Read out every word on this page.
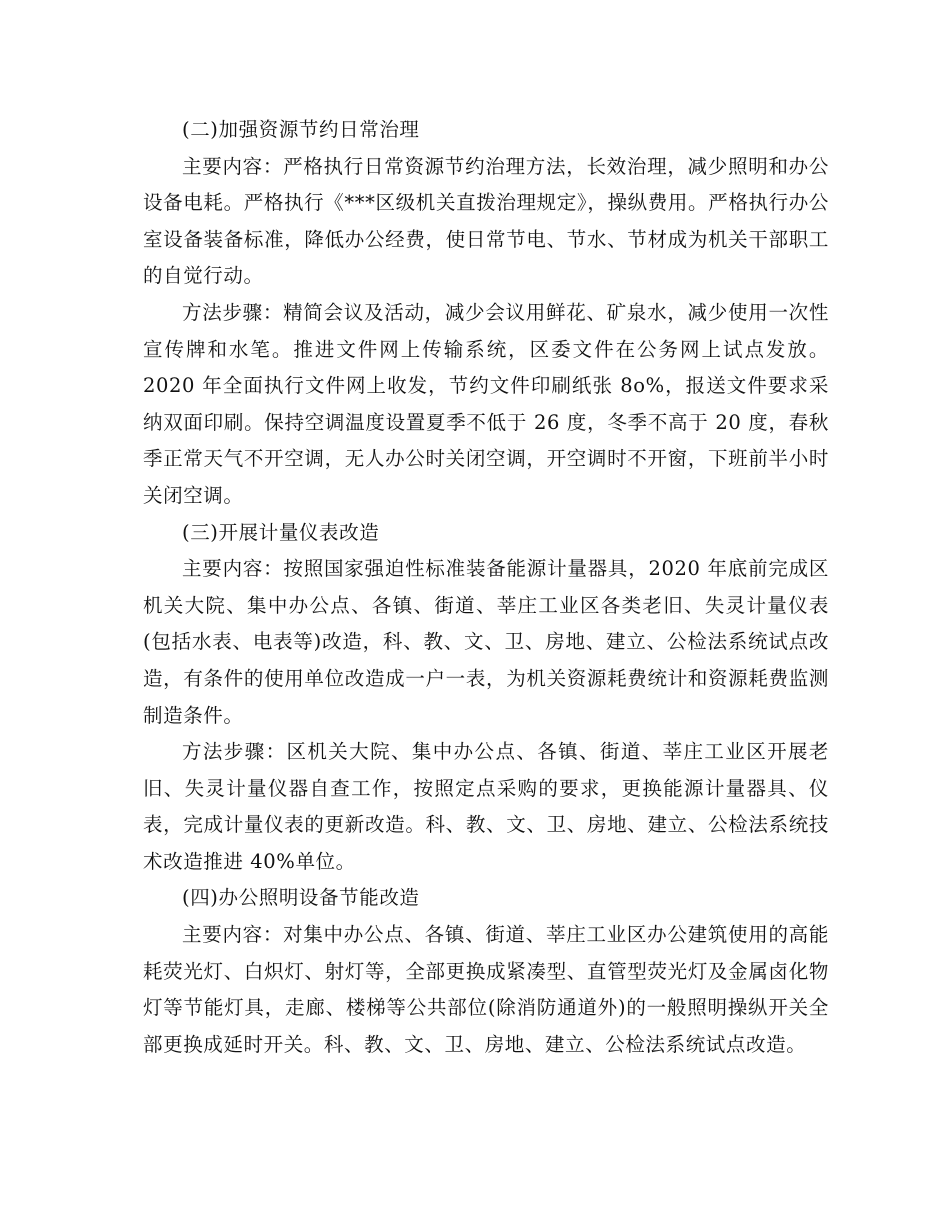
(二)加强资源节约日常治理

主要内容：严格执行日常资源节约治理方法，长效治理，减少照明和办公设备电耗。严格执行《***区级机关直拨治理规定》，操纵费用。严格执行办公室设备装备标准，降低办公经费，使日常节电、节水、节材成为机关干部职工的自觉行动。

方法步骤：精简会议及活动，减少会议用鲜花、矿泉水，减少使用一次性宣传牌和水笔。推进文件网上传输系统，区委文件在公务网上试点发放。2020 年全面执行文件网上收发，节约文件印刷纸张 8o%，报送文件要求采纳双面印刷。保持空调温度设置夏季不低于 26 度，冬季不高于 20 度，春秋季正常天气不开空调，无人办公时关闭空调，开空调时不开窗，下班前半小时关闭空调。

(三)开展计量仪表改造

主要内容：按照国家强迫性标准装备能源计量器具，2020 年底前完成区机关大院、集中办公点、各镇、街道、莘庄工业区各类老旧、失灵计量仪表(包括水表、电表等)改造，科、教、文、卫、房地、建立、公检法系统试点改造，有条件的使用单位改造成一户一表，为机关资源耗费统计和资源耗费监测制造条件。

方法步骤：区机关大院、集中办公点、各镇、街道、莘庄工业区开展老旧、失灵计量仪器自查工作，按照定点采购的要求，更换能源计量器具、仪表，完成计量仪表的更新改造。科、教、文、卫、房地、建立、公检法系统技术改造推进 40%单位。

(四)办公照明设备节能改造

主要内容：对集中办公点、各镇、街道、莘庄工业区办公建筑使用的高能耗荧光灯、白炽灯、射灯等，全部更换成紧凑型、直管型荧光灯及金属卤化物灯等节能灯具，走廊、楼梯等公共部位(除消防通道外)的一般照明操纵开关全部更换成延时开关。科、教、文、卫、房地、建立、公检法系统试点改造。
